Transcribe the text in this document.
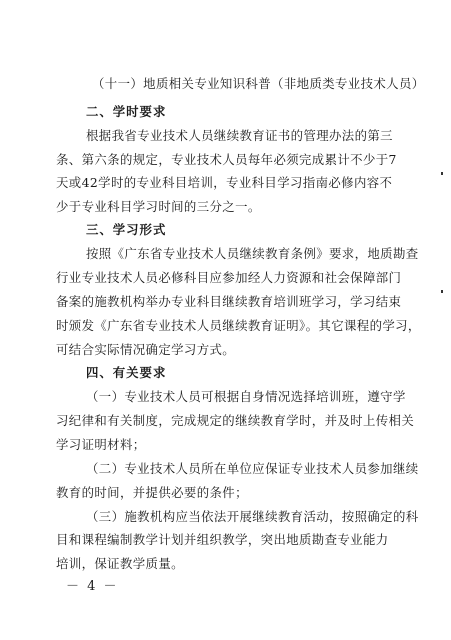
（十一）地质相关专业知识科普（非地质类专业技术人员）
二、学时要求
根据我省专业技术人员继续教育证书的管理办法的第三
条、第六条的规定，专业技术人员每年必须完成累计不少于7
天或42学时的专业科目培训，专业科目学习指南必修内容不
少于专业科目学习时间的三分之一。
三、学习形式
按照《广东省专业技术人员继续教育条例》要求，地质勘查
行业专业技术人员必修科目应参加经人力资源和社会保障部门
备案的施教机构举办专业科目继续教育培训班学习，学习结束
时颁发《广东省专业技术人员继续教育证明》。其它课程的学习，
可结合实际情况确定学习方式。
四、有关要求
（一）专业技术人员可根据自身情况选择培训班，遵守学
习纪律和有关制度，完成规定的继续教育学时，并及时上传相关
学习证明材料；
（二）专业技术人员所在单位应保证专业技术人员参加继续
教育的时间，并提供必要的条件；
（三）施教机构应当依法开展继续教育活动，按照确定的科
目和课程编制教学计划并组织教学，突出地质勘查专业能力
培训，保证教学质量。
－ 4 －
